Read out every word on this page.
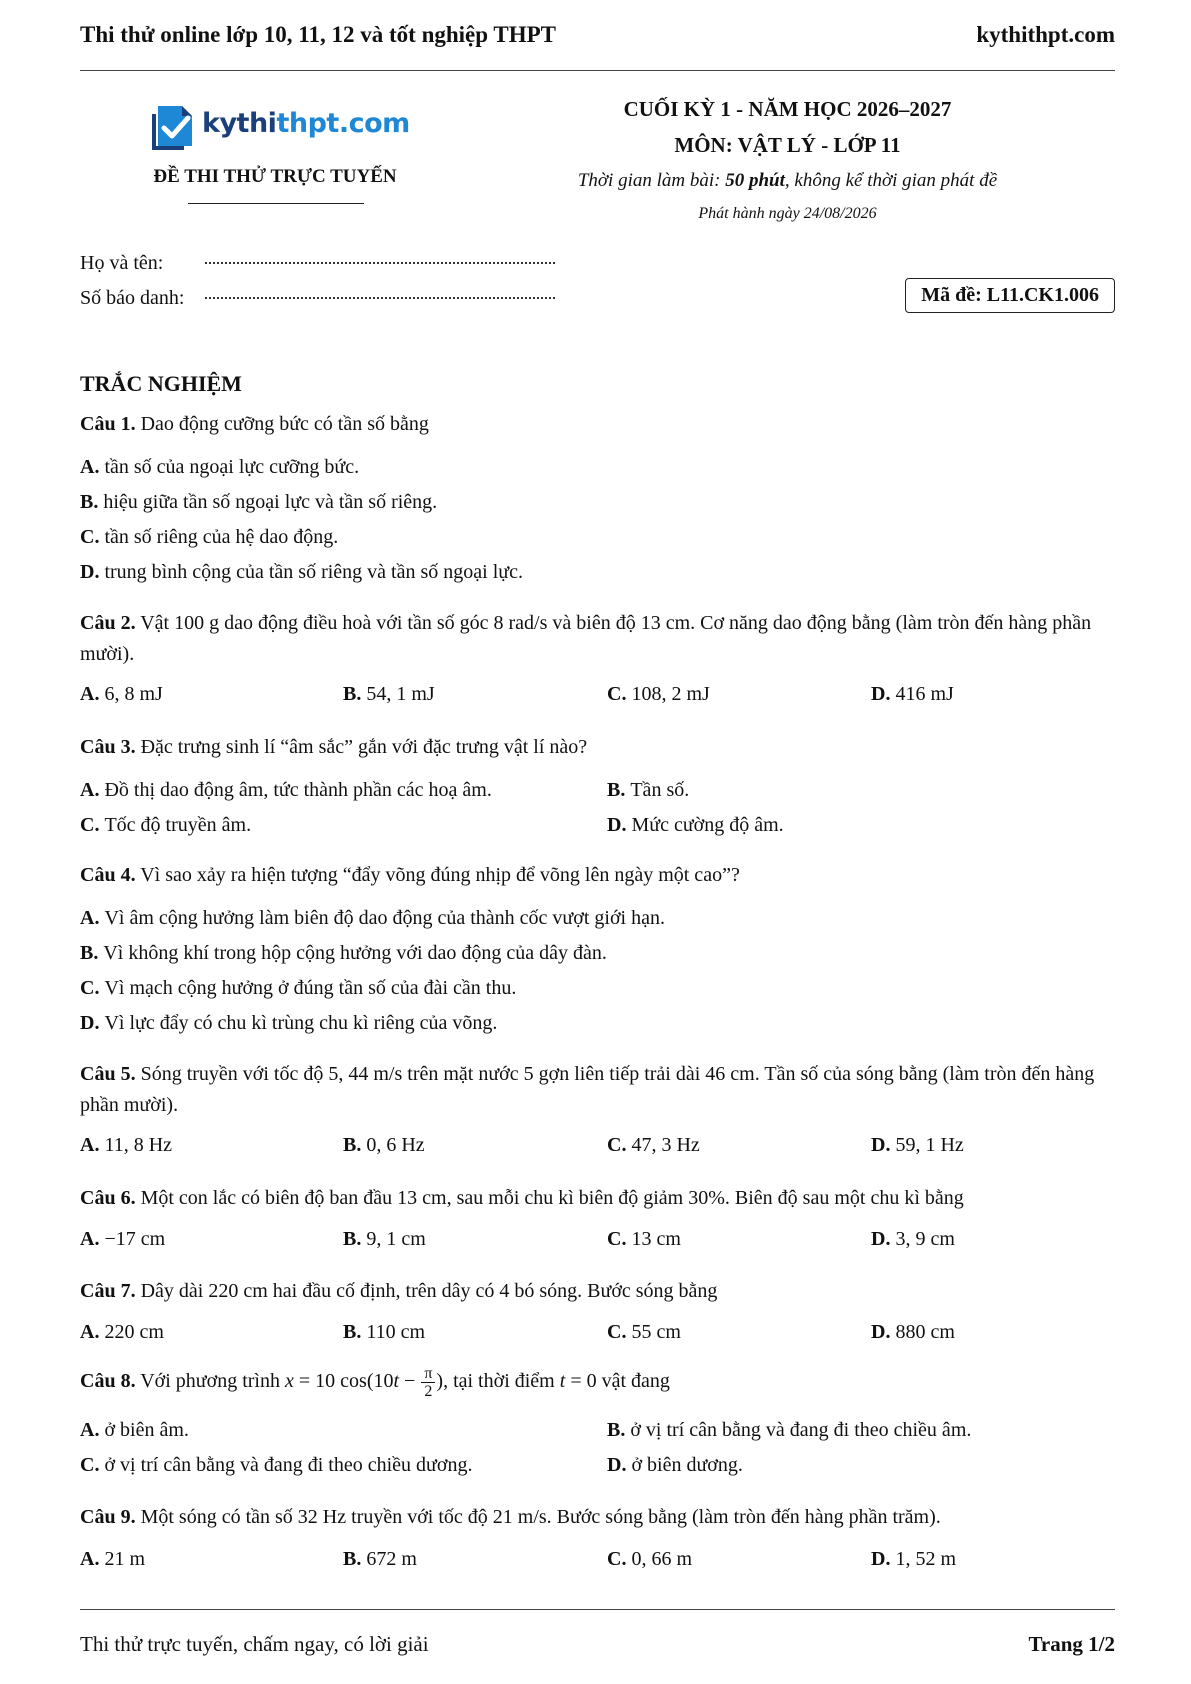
Thi thử online lớp 10, 11, 12 và tốt nghiệp THPT	kythithpt.com
kythithpt.com
ĐỀ THI THỬ TRỰC TUYẾN
CUỐI KỲ 1 - NĂM HỌC 2026–2027
MÔN: VẬT LÝ - LỚP 11
Thời gian làm bài: 50 phút, không kể thời gian phát đề
Phát hành ngày 24/08/2026
Họ và tên:
Số báo danh:	Mã đề: L11.CK1.006
TRẮC NGHIỆM
Câu 1. Dao động cưỡng bức có tần số bằng
A. tần số của ngoại lực cưỡng bức.
B. hiệu giữa tần số ngoại lực và tần số riêng.
C. tần số riêng của hệ dao động.
D. trung bình cộng của tần số riêng và tần số ngoại lực.
Câu 2. Vật 100 g dao động điều hoà với tần số góc 8 rad/s và biên độ 13 cm. Cơ năng dao động bằng (làm tròn đến hàng phần mười).
A. 6, 8 mJ	B. 54, 1 mJ	C. 108, 2 mJ	D. 416 mJ
Câu 3. Đặc trưng sinh lí “âm sắc” gắn với đặc trưng vật lí nào?
A. Đồ thị dao động âm, tức thành phần các hoạ âm.	B. Tần số.
C. Tốc độ truyền âm.	D. Mức cường độ âm.
Câu 4. Vì sao xảy ra hiện tượng “đẩy võng đúng nhịp để võng lên ngày một cao”?
A. Vì âm cộng hưởng làm biên độ dao động của thành cốc vượt giới hạn.
B. Vì không khí trong hộp cộng hưởng với dao động của dây đàn.
C. Vì mạch cộng hưởng ở đúng tần số của đài cần thu.
D. Vì lực đẩy có chu kì trùng chu kì riêng của võng.
Câu 5. Sóng truyền với tốc độ 5, 44 m/s trên mặt nước 5 gợn liên tiếp trải dài 46 cm. Tần số của sóng bằng (làm tròn đến hàng phần mười).
A. 11, 8 Hz	B. 0, 6 Hz	C. 47, 3 Hz	D. 59, 1 Hz
Câu 6. Một con lắc có biên độ ban đầu 13 cm, sau mỗi chu kì biên độ giảm 30%. Biên độ sau một chu kì bằng
A. −17 cm	B. 9, 1 cm	C. 13 cm	D. 3, 9 cm
Câu 7. Dây dài 220 cm hai đầu cố định, trên dây có 4 bó sóng. Bước sóng bằng
A. 220 cm	B. 110 cm	C. 55 cm	D. 880 cm
Câu 8. Với phương trình x = 10 $\cos(10t - \frac{\pi}{2}$ ), tại thời điểm t = 0 vật đang
A. ở biên âm.	B. ở vị trí cân bằng và đang đi theo chiều âm.
C. ở vị trí cân bằng và đang đi theo chiều dương.	D. ở biên dương.
Câu 9. Một sóng có tần số 32 Hz truyền với tốc độ 21 m/s. Bước sóng bằng (làm tròn đến hàng phần trăm).
A. 21 m	B. 672 m	C. 0, 66 m	D. 1, 52 m
Thi thử trực tuyến, chấm ngay, có lời giải	Trang 1/2
